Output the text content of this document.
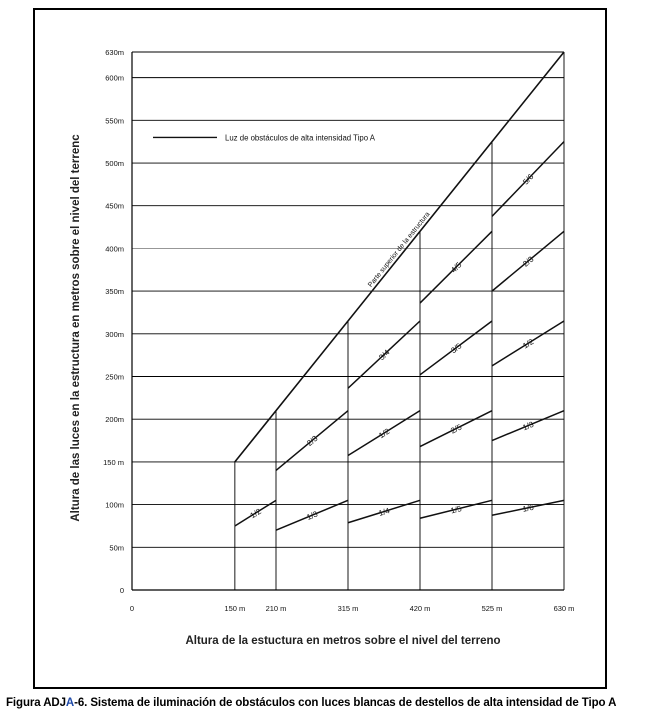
0
50m
100m
150 m
200m
250m
300m
350m
400m
450m
500m
550m
600m
630m
0	150 m	210 m	315 m	420 m	525 m	630 m
Parte superior de la estructura
1/2	1/3
2/3
1/4
1/2
3/4
1/5
2/5
3/5
4/5
1/6
1/3
1/2
2/3
5/6
Luz de obstáculos de alta intensidad Tipo A
Altura de las luces en la estructura en metros sobre el nivel del terrenc
Altura de la estuctura en metros sobre el nivel del terreno
Figura ADJA-6. Sistema de iluminación de obstáculos con luces blancas de destellos de alta intensidad de Tipo A
